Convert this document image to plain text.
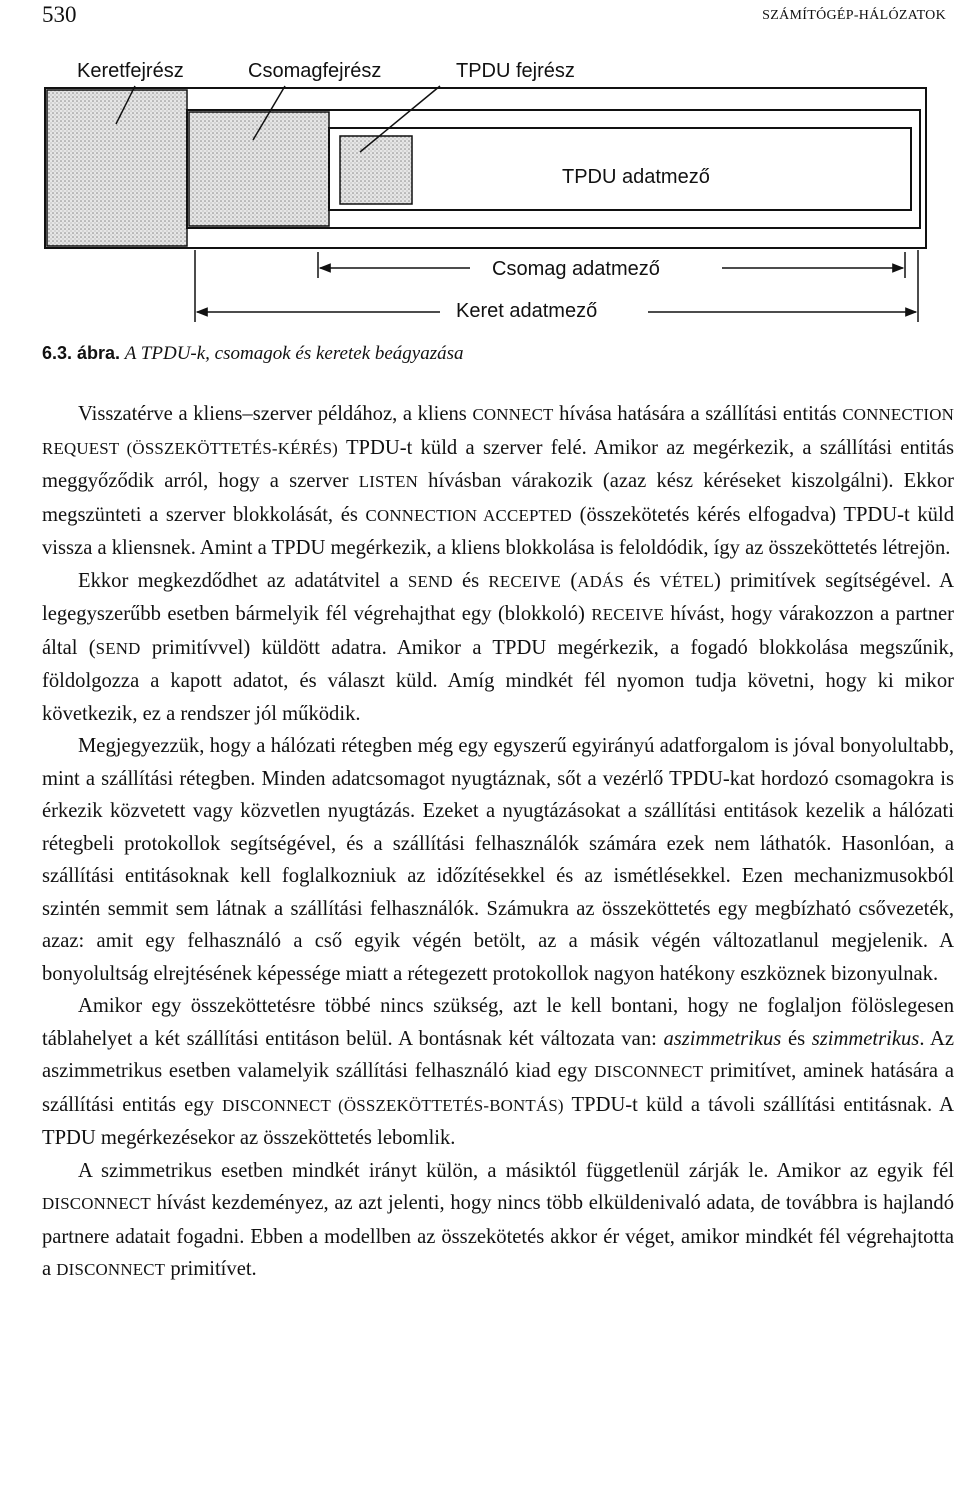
530	SZÁMÍTÓGÉP-HÁLÓZATOK
Keretfejrész	Csomagfejrész	TPDU fejrész
TPDU adatmező
Csomag adatmező
Keret adatmező
6.3. ábra. A TPDU-k, csomagok és keretek beágyazása

Visszatérve a kliens–szerver példához, a kliens CONNECT hívása hatására a szállítási entitás CONNECTION REQUEST (ÖSSZEKÖTTETÉS-KÉRÉS) TPDU-t küld a szerver felé. Amikor az megérkezik, a szállítási entitás meggyőződik arról, hogy a szerver LISTEN hívásban várakozik (azaz kész kéréseket kiszolgálni). Ekkor megszünteti a szerver blokkolását, és CONNECTION ACCEPTED (összekötetés kérés elfogadva) TPDU-t küld vissza a kliensnek. Amint a TPDU megérkezik, a kliens blokkolása is feloldódik, így az összeköttetés létrejön.

Ekkor megkezdődhet az adatátvitel a SEND és RECEIVE (ADÁS és VÉTEL) primitívek segítségével. A legegyszerűbb esetben bármelyik fél végrehajthat egy (blokkoló) RECEIVE hívást, hogy várakozzon a partner által (SEND primitívvel) küldött adatra. Amikor a TPDU megérkezik, a fogadó blokkolása megszűnik, földolgozza a kapott adatot, és választ küld. Amíg mindkét fél nyomon tudja követni, hogy ki mikor következik, ez a rendszer jól működik.

Megjegyezzük, hogy a hálózati rétegben még egy egyszerű egyirányú adatforgalom is jóval bonyolultabb, mint a szállítási rétegben. Minden adatcsomagot nyugtáznak, sőt a vezérlő TPDU-kat hordozó csomagokra is érkezik közvetett vagy közvetlen nyugtázás. Ezeket a nyugtázásokat a szállítási entitások kezelik a hálózati rétegbeli protokollok segítségével, és a szállítási felhasználók számára ezek nem láthatók. Hasonlóan, a szállítási entitásoknak kell foglalkozniuk az időzítésekkel és az ismétlésekkel. Ezen mechanizmusokból szintén semmit sem látnak a szállítási felhasználók. Számukra az összeköttetés egy megbízható csővezeték, azaz: amit egy felhasználó a cső egyik végén betölt, az a másik végén változatlanul megjelenik. A bonyolultság elrejtésének képessége miatt a rétegezett protokollok nagyon hatékony eszköznek bizonyulnak.

Amikor egy összeköttetésre többé nincs szükség, azt le kell bontani, hogy ne foglaljon fölöslegesen táblahelyet a két szállítási entitáson belül. A bontásnak két változata van: aszimmetrikus és szimmetrikus. Az aszimmetrikus esetben valamelyik szállítási felhasználó kiad egy DISCONNECT primitívet, aminek hatására a szállítási entitás egy DISCONNECT (ÖSSZEKÖTTETÉS-BONTÁS) TPDU-t küld a távoli szállítási entitásnak. A TPDU megérkezésekor az összeköttetés lebomlik.

A szimmetrikus esetben mindkét irányt külön, a másiktól függetlenül zárják le. Amikor az egyik fél DISCONNECT hívást kezdeményez, az azt jelenti, hogy nincs több elküldenivaló adata, de továbbra is hajlandó partnere adatait fogadni. Ebben a modellben az összekötetés akkor ér véget, amikor mindkét fél végrehajtotta a DISCONNECT primitívet.
